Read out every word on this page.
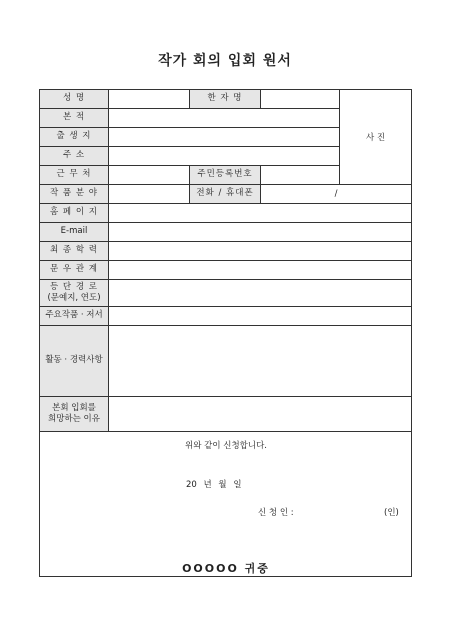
작가 회의 입회 원서
성 명		한 자 명		사 진
본 적				
출 생 지				
주 소				
근 무 처		주민등록번호		
작 품 분 야		전화 / 휴대폰	/	
홈 페 이 지				
E-mail				
최 종 학 력				
문 우 관 계				

등 단 경 로
(문예지, 연도)				

주요작품 · 저서				
활동 · 경력사항				

본회 입회를
희망하는 이유				

위와 같이 신청합니다.
20 년 월 일
신 청 인 : (인)
OOOOO 귀중				
